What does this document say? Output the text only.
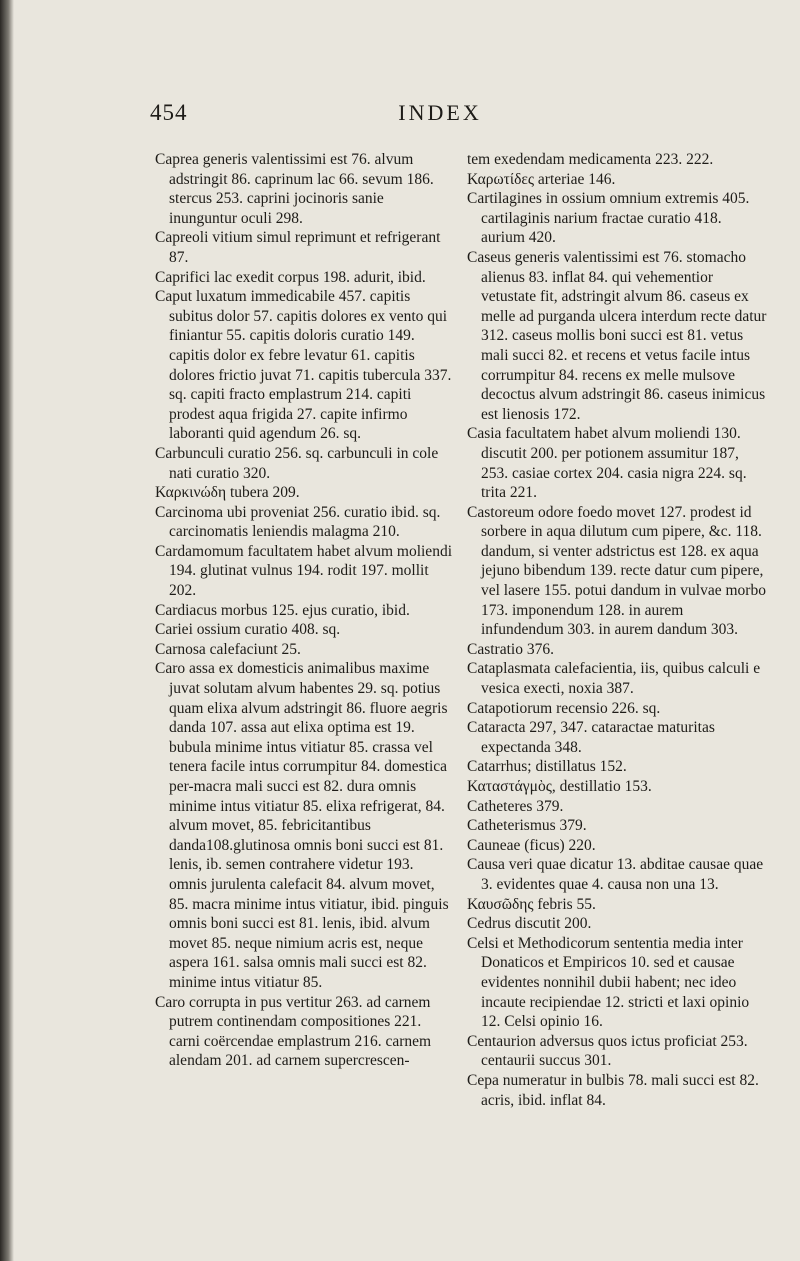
454	INDEX

Caprea generis valentissimi est 76. alvum adstringit 86. caprinum lac 66. sevum 186. stercus 253. caprini jocinoris sanie inunguntur oculi 298.

Capreoli vitium simul reprimunt et refrigerant 87.

Caprifici lac exedit corpus 198. adurit, ibid.

Caput luxatum immedicabile 457. capitis subitus dolor 57. capitis dolores ex vento qui finiantur 55. capitis doloris curatio 149. capitis dolor ex febre levatur 61. capitis dolores frictio juvat 71. capitis tubercula 337. sq. capiti fracto emplastrum 214. capiti prodest aqua frigida 27. capite infirmo laboranti quid agendum 26. sq.

Carbunculi curatio 256. sq. carbunculi in cole nati curatio 320.

Καρκινώδη tubera 209.

Carcinoma ubi proveniat 256. curatio ibid. sq. carcinomatis leniendis malagma 210.

Cardamomum facultatem habet alvum moliendi 194. glutinat vulnus 194. rodit 197. mollit 202.

Cardiacus morbus 125. ejus curatio, ibid.

Cariei ossium curatio 408. sq.

Carnosa calefaciunt 25.

Caro assa ex domesticis animalibus maxime juvat solutam alvum habentes 29. sq. potius quam elixa alvum adstringit 86. fluore aegris danda 107. assa aut elixa optima est 19. bubula minime intus vitiatur 85. crassa vel tenera facile intus corrumpitur 84. domestica per-macra mali succi est 82. dura omnis minime intus vitiatur 85. elixa refrigerat, 84. alvum movet, 85. febricitantibus danda108.glutinosa omnis boni succi est 81. lenis, ib. semen contrahere videtur 193. omnis jurulenta calefacit 84. alvum movet, 85. macra minime intus vitiatur, ibid. pinguis omnis boni succi est 81. lenis, ibid. alvum movet 85. neque nimium acris est, neque aspera 161. salsa omnis mali succi est 82. minime intus vitiatur 85.

Caro corrupta in pus vertitur 263. ad carnem putrem continendam compositiones 221. carni coërcendae emplastrum 216. carnem alendam 201. ad carnem supercrescen-

tem exedendam medicamenta 223. 222.

Καρωτίδες arteriae 146.

Cartilagines in ossium omnium extremis 405. cartilaginis narium fractae curatio 418. aurium 420.

Caseus generis valentissimi est 76. stomacho alienus 83. inflat 84. qui vehementior vetustate fit, adstringit alvum 86. caseus ex melle ad purganda ulcera interdum recte datur 312. caseus mollis boni succi est 81. vetus mali succi 82. et recens et vetus facile intus corrumpitur 84. recens ex melle mulsove decoctus alvum adstringit 86. caseus inimicus est lienosis 172.

Casia facultatem habet alvum moliendi 130. discutit 200. per potionem assumitur 187, 253. casiae cortex 204. casia nigra 224. sq. trita 221.

Castoreum odore foedo movet 127. prodest id sorbere in aqua dilutum cum pipere, &c. 118. dandum, si venter adstrictus est 128. ex aqua jejuno bibendum 139. recte datur cum pipere, vel lasere 155. potui dandum in vulvae morbo 173. imponendum 128. in aurem infundendum 303. in aurem dandum 303.

Castratio 376.

Cataplasmata calefacientia, iis, quibus calculi e vesica execti, noxia 387.

Catapotiorum recensio 226. sq.

Cataracta 297, 347. cataractae maturitas expectanda 348.

Catarrhus; distillatus 152.

Καταστάγμὸς, destillatio 153.

Catheteres 379.

Catheterismus 379.

Cauneae (ficus) 220.

Causa veri quae dicatur 13. abditae causae quae 3. evidentes quae 4. causa non una 13.

Καυσῶδης febris 55.

Cedrus discutit 200.

Celsi et Methodicorum sententia media inter Donaticos et Empiricos 10. sed et causae evidentes nonnihil dubii habent; nec ideo incaute recipiendae 12. stricti et laxi opinio 12. Celsi opinio 16.

Centaurion adversus quos ictus proficiat 253. centaurii succus 301.

Cepa numeratur in bulbis 78. mali succi est 82. acris, ibid. inflat 84.
